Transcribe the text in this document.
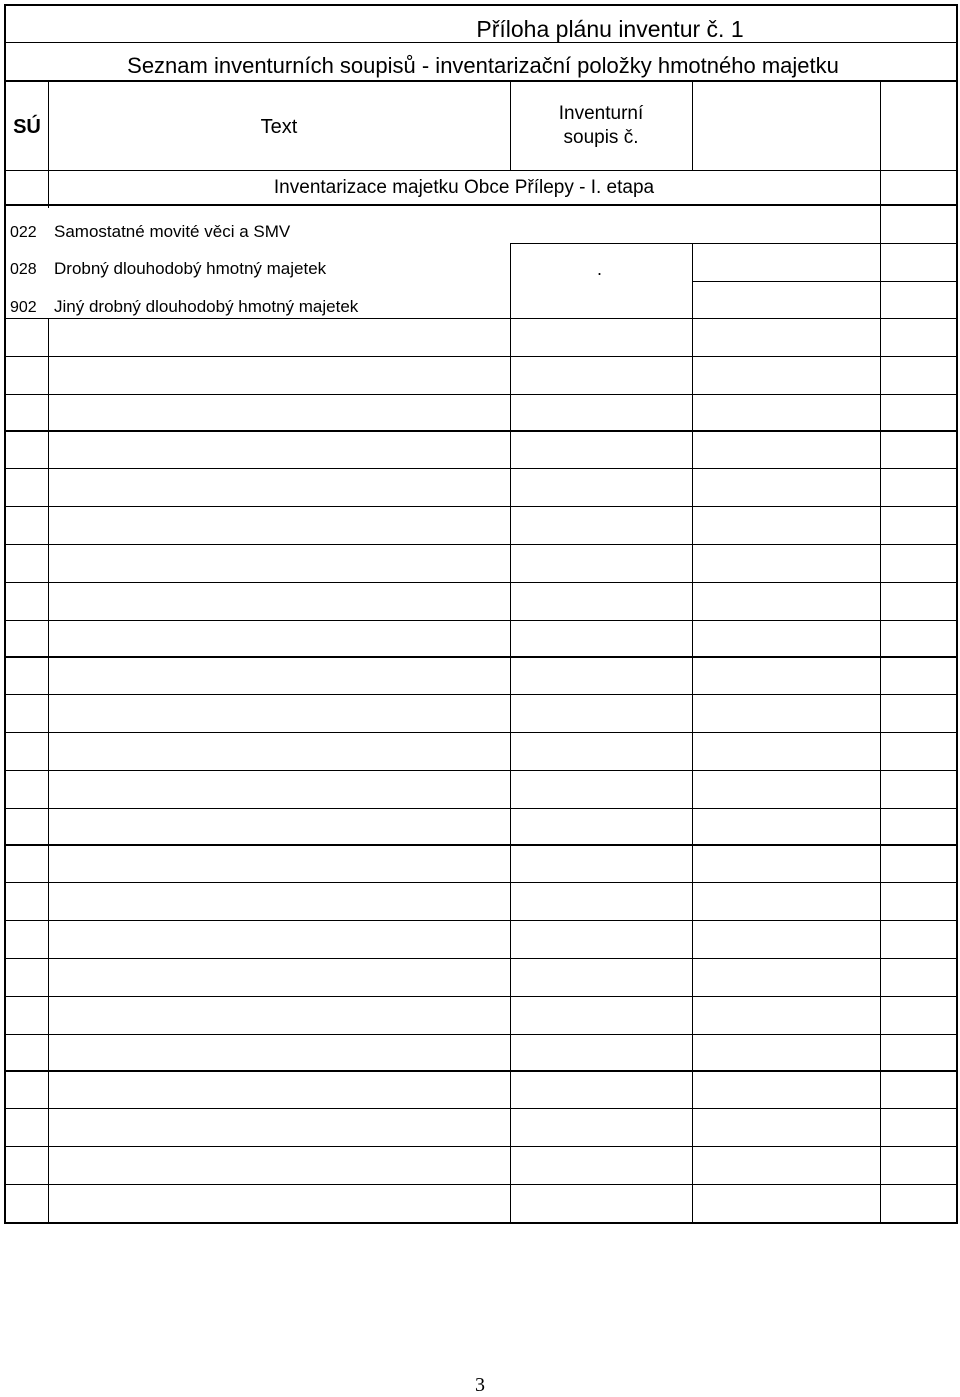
Příloha plánu inventur č. 1
Seznam inventurních soupisů - inventarizační položky hmotného majetku
SÚ	Text
Inventurní
soupis č.
Inventarizace majetku Obce Přílepy - I. etapa
022 Samostatné movité věci a SMV
028 Drobný dlouhodobý hmotný majetek	.
902 Jiný drobný dlouhodobý hmotný majetek
3
